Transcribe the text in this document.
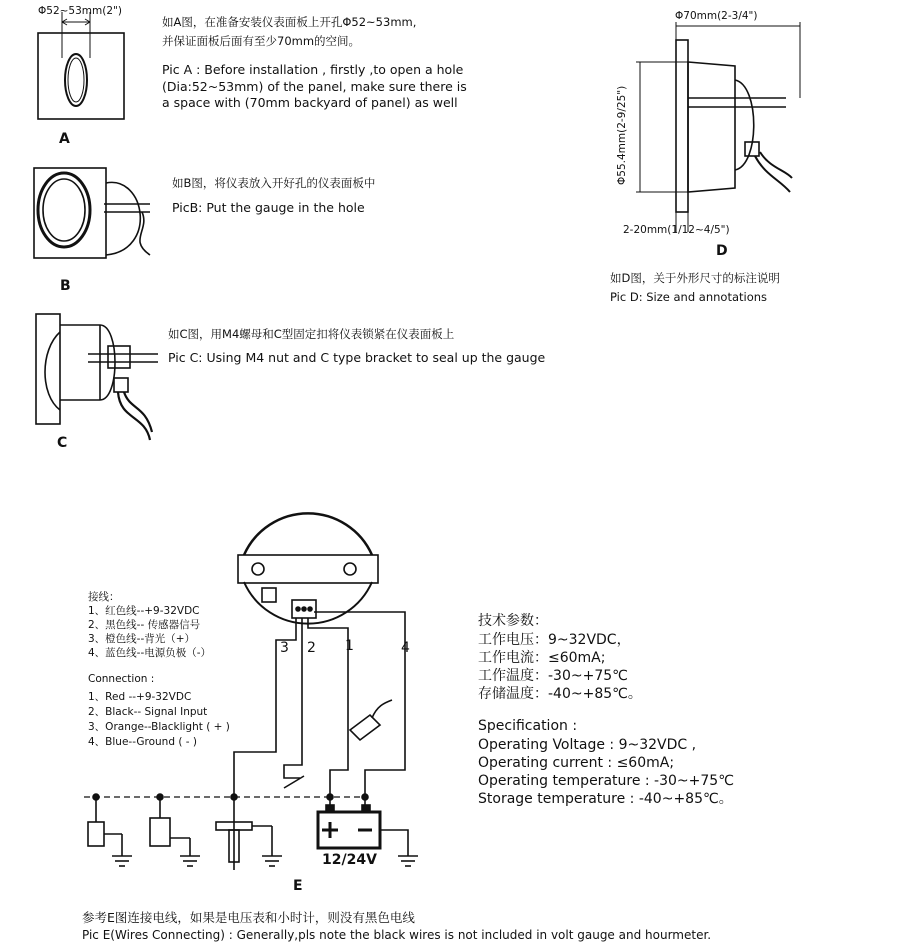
Φ52~53mm(2")
如A图，在准备安装仪表面板上开孔Φ52~53mm,
并保证面板后面有至少70mm的空间。
Pic A : Before installation , firstly ,to open a hole
(Dia:52~53mm) of the panel, make sure there is
a space with (70mm backyard of panel) as well
A
如B图，将仪表放入开好孔的仪表面板中
PicB: Put the gauge in the hole
B
如C图，用M4螺母和C型固定扣将仪表锁紧在仪表面板上
Pic C: Using M4 nut and C type bracket to seal up the gauge
C
Φ70mm(2-3/4")
Φ55.4mm(2-9/25")
2-20mm(1/12~4/5")
D
如D图，关于外形尺寸的标注说明
Pic D: Size and annotations
3 2 1	4
接线：
1、红色线--+9-32VDC
2、黑色线-- 传感器信号
3、橙色线--背光（+）
4、蓝色线--电源负极（-）
Connection :
1、Red --+9-32VDC
2、Black-- Signal Input
3、Orange--Blacklight ( + )
4、Blue--Ground ( - )
技术参数：
工作电压：9~32VDC，
工作电流：≤60mA;
工作温度：-30~+75℃
存储温度：-40~+85℃。
Specification :
Operating Voltage : 9~32VDC ,
Operating current : ≤60mA;
Operating temperature : -30~+75℃
Storage temperature : -40~+85℃。
12/24V
E
参考E图连接电线，如果是电压表和小时计，则没有黑色电线
Pic E(Wires Connecting) : Generally,pls note the black wires is not included in volt gauge and hourmeter.
